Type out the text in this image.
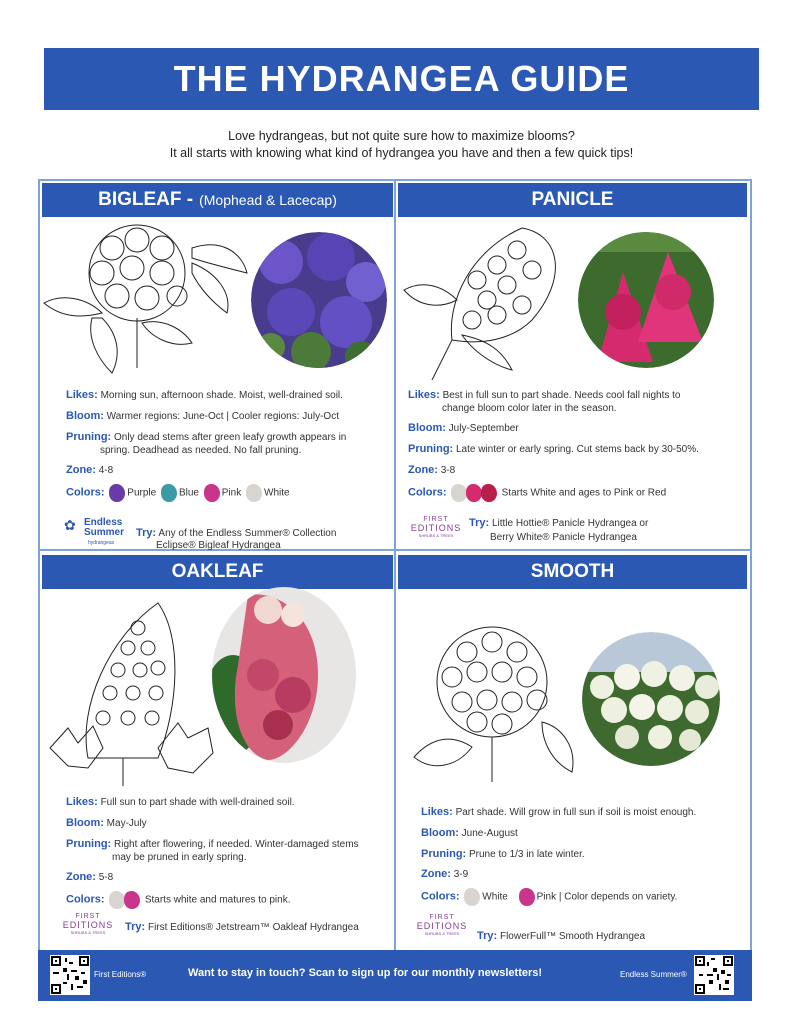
THE HYDRANGEA GUIDE
Love hydrangeas, but not quite sure how to maximize blooms?
It all starts with knowing what kind of hydrangea you have and then a few quick tips!
BIGLEAF - (Mophead & Lacecap)
Likes: Morning sun, afternoon shade. Moist, well-drained soil.
Bloom: Warmer regions: June-Oct | Cooler regions: July-Oct
Pruning: Only dead stems after green leafy growth appears in
spring. Deadhead as needed. No fall pruning.
Zone: 4-8
Colors: Purple Blue Pink White
✿ Endless
Summer
hydrangeas
Try: Any of the Endless Summer® Collection
Eclipse® Bigleaf Hydrangea
PANICLE
Likes: Best in full sun to part shade. Needs cool fall nights to
change bloom color later in the season.
Bloom: July-September
Pruning: Late winter or early spring. Cut stems back by 30-50%.
Zone: 3-8
Colors:	Starts White and ages to Pink or Red
FIRST
EDITIONS
SHRUBS & TREES
Try: Little Hottie® Panicle Hydrangea or
Berry White® Panicle Hydrangea
OAKLEAF
Likes: Full sun to part shade with well-drained soil.
Bloom: May-July
Pruning: Right after flowering, if needed. Winter-damaged stems
may be pruned in early spring.
Zone: 5-8
Colors:	Starts white and matures to pink.
FIRST
EDITIONS
SHRUBS & TREES	Try: First Editions® Jetstream™ Oakleaf Hydrangea
SMOOTH
Likes: Part shade. Will grow in full sun if soil is moist enough.
Bloom: June-August
Pruning: Prune to 1/3 in late winter.
Zone: 3-9
Colors: White	Pink | Color depends on variety.
FIRST
EDITIONS
SHRUBS & TREES	Try: FlowerFull™ Smooth Hydrangea
First Editions®	Want to stay in touch? Scan to sign up for our monthly newsletters!	Endless Summer®
